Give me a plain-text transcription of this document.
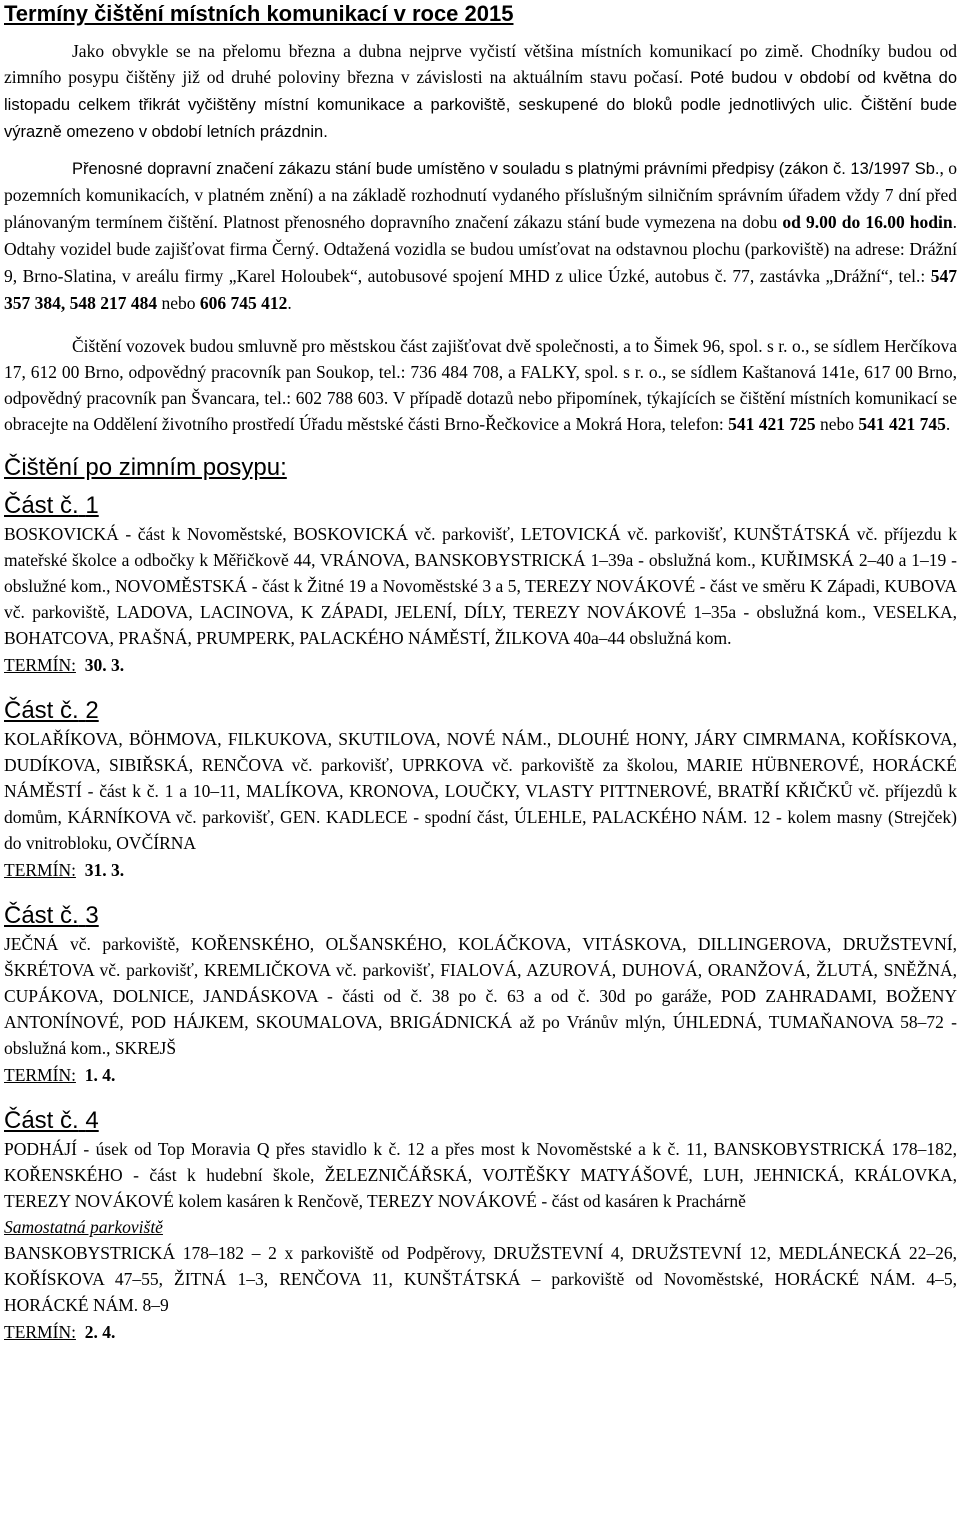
Termíny čištění místních komunikací v roce 2015

Jako obvykle se na přelomu března a dubna nejprve vyčistí většina místních komunikací po zimě. Chodníky budou od zimního posypu čištěny již od druhé poloviny března v závislosti na aktuálním stavu počasí. Poté budou v období od května do listopadu celkem třikrát vyčištěny místní komunikace a parkoviště, seskupené do bloků podle jednotlivých ulic. Čištění bude výrazně omezeno v období letních prázdnin.

Přenosné dopravní značení zákazu stání bude umístěno v souladu s platnými právními předpisy (zákon č. 13/1997 Sb., o pozemních komunikacích, v platném znění) a na základě rozhodnutí vydaného příslušným silničním správním úřadem vždy 7 dní před plánovaným termínem čištění. Platnost přenosného dopravního značení zákazu stání bude vymezena na dobu od 9.00 do 16.00 hodin. Odtahy vozidel bude zajišťovat firma Černý. Odtažená vozidla se budou umísťovat na odstavnou plochu (parkoviště) na adrese: Drážní 9, Brno-Slatina, v areálu firmy „Karel Holoubek“, autobusové spojení MHD z ulice Úzké, autobus č. 77, zastávka „Drážní“, tel.: 547 357 384, 548 217 484 nebo 606 745 412.

Čištění vozovek budou smluvně pro městskou část zajišťovat dvě společnosti, a to Šimek 96, spol. s r. o., se sídlem Herčíkova 17, 612 00 Brno, odpovědný pracovník pan Soukop, tel.: 736 484 708, a FALKY, spol. s r. o., se sídlem Kaštanová 141e, 617 00 Brno, odpovědný pracovník pan Švancara, tel.: 602 788 603. V případě dotazů nebo připomínek, týkajících se čištění místních komunikací se obracejte na Oddělení životního prostředí Úřadu městské části Brno-Řečkovice a Mokrá Hora, telefon: 541 421 725 nebo 541 421 745.

Čištění po zimním posypu:
Část č. 1

BOSKOVICKÁ - část k Novoměstské, BOSKOVICKÁ vč. parkovišť, LETOVICKÁ vč. parkovišť, KUNŠTÁTSKÁ vč. příjezdu k mateřské školce a odbočky k Měřičkově 44, VRÁNOVA, BANSKOBYSTRICKÁ 1–39a - obslužná kom., KUŘIMSKÁ 2–40 a 1–19 - obslužné kom., NOVOMĚSTSKÁ - část k Žitné 19 a Novoměstské 3 a 5, TEREZY NOVÁKOVÉ - část ve směru K Západi, KUBOVA vč. parkoviště, LADOVA, LACINOVA, K ZÁPADI, JELENÍ, DÍLY, TEREZY NOVÁKOVÉ 1–35a - obslužná kom., VESELKA, BOHATCOVA, PRAŠNÁ, PRUMPERK, PALACKÉHO NÁMĚSTÍ, ŽILKOVA 40a–44 obslužná kom.

TERMÍN: 30. 3.
Část č. 2

KOLAŘÍKOVA, BÖHMOVA, FILKUKOVA, SKUTILOVA, NOVÉ NÁM., DLOUHÉ HONY, JÁRY CIMRMANA, KOŘÍSKOVA, DUDÍKOVA, SIBIŘSKÁ, RENČOVA vč. parkovišť, UPRKOVA vč. parkoviště za školou, MARIE HÜBNEROVÉ, HORÁCKÉ NÁMĚSTÍ - část k č. 1 a 10–11, MALÍKOVA, KRONOVA, LOUČKY, VLASTY PITTNEROVÉ, BRATŘÍ KŘIČKŮ vč. příjezdů k domům, KÁRNÍKOVA vč. parkovišť, GEN. KADLECE - spodní část, ÚLEHLE, PALACKÉHO NÁM. 12 - kolem masny (Strejček) do vnitrobloku, OVČÍRNA

TERMÍN: 31. 3.
Část č. 3

JEČNÁ vč. parkoviště, KOŘENSKÉHO, OLŠANSKÉHO, KOLÁČKOVA, VITÁSKOVA, DILLINGEROVA, DRUŽSTEVNÍ, ŠKRÉTOVA vč. parkovišť, KREMLIČKOVA vč. parkovišť, FIALOVÁ, AZUROVÁ, DUHOVÁ, ORANŽOVÁ, ŽLUTÁ, SNĚŽNÁ, CUPÁKOVA, DOLNICE, JANDÁSKOVA - části od č. 38 po č. 63 a od č. 30d po garáže, POD ZAHRADAMI, BOŽENY ANTONÍNOVÉ, POD HÁJKEM, SKOUMALOVA, BRIGÁDNICKÁ až po Vránův mlýn, ÚHLEDNÁ, TUMAŇANOVA 58–72 - obslužná kom., SKREJŠ

TERMÍN: 1. 4.
Část č. 4

PODHÁJÍ - úsek od Top Moravia Q přes stavidlo k č. 12 a přes most k Novoměstské a k č. 11, BANSKOBYSTRICKÁ 178–182, KOŘENSKÉHO - část k hudební škole, ŽELEZNIČÁŘSKÁ, VOJTĚŠKY MATYÁŠOVÉ, LUH, JEHNICKÁ, KRÁLOVKA, TEREZY NOVÁKOVÉ kolem kasáren k Renčově, TEREZY NOVÁKOVÉ - část od kasáren k Prachárně

Samostatná parkoviště

BANSKOBYSTRICKÁ 178–182 – 2 x parkoviště od Podpěrovy, DRUŽSTEVNÍ 4, DRUŽSTEVNÍ 12, MEDLÁNECKÁ 22–26, KOŘÍSKOVA 47–55, ŽITNÁ 1–3, RENČOVA 11, KUNŠTÁTSKÁ – parkoviště od Novoměstské, HORÁCKÉ NÁM. 4–5, HORÁCKÉ NÁM. 8–9

TERMÍN: 2. 4.
